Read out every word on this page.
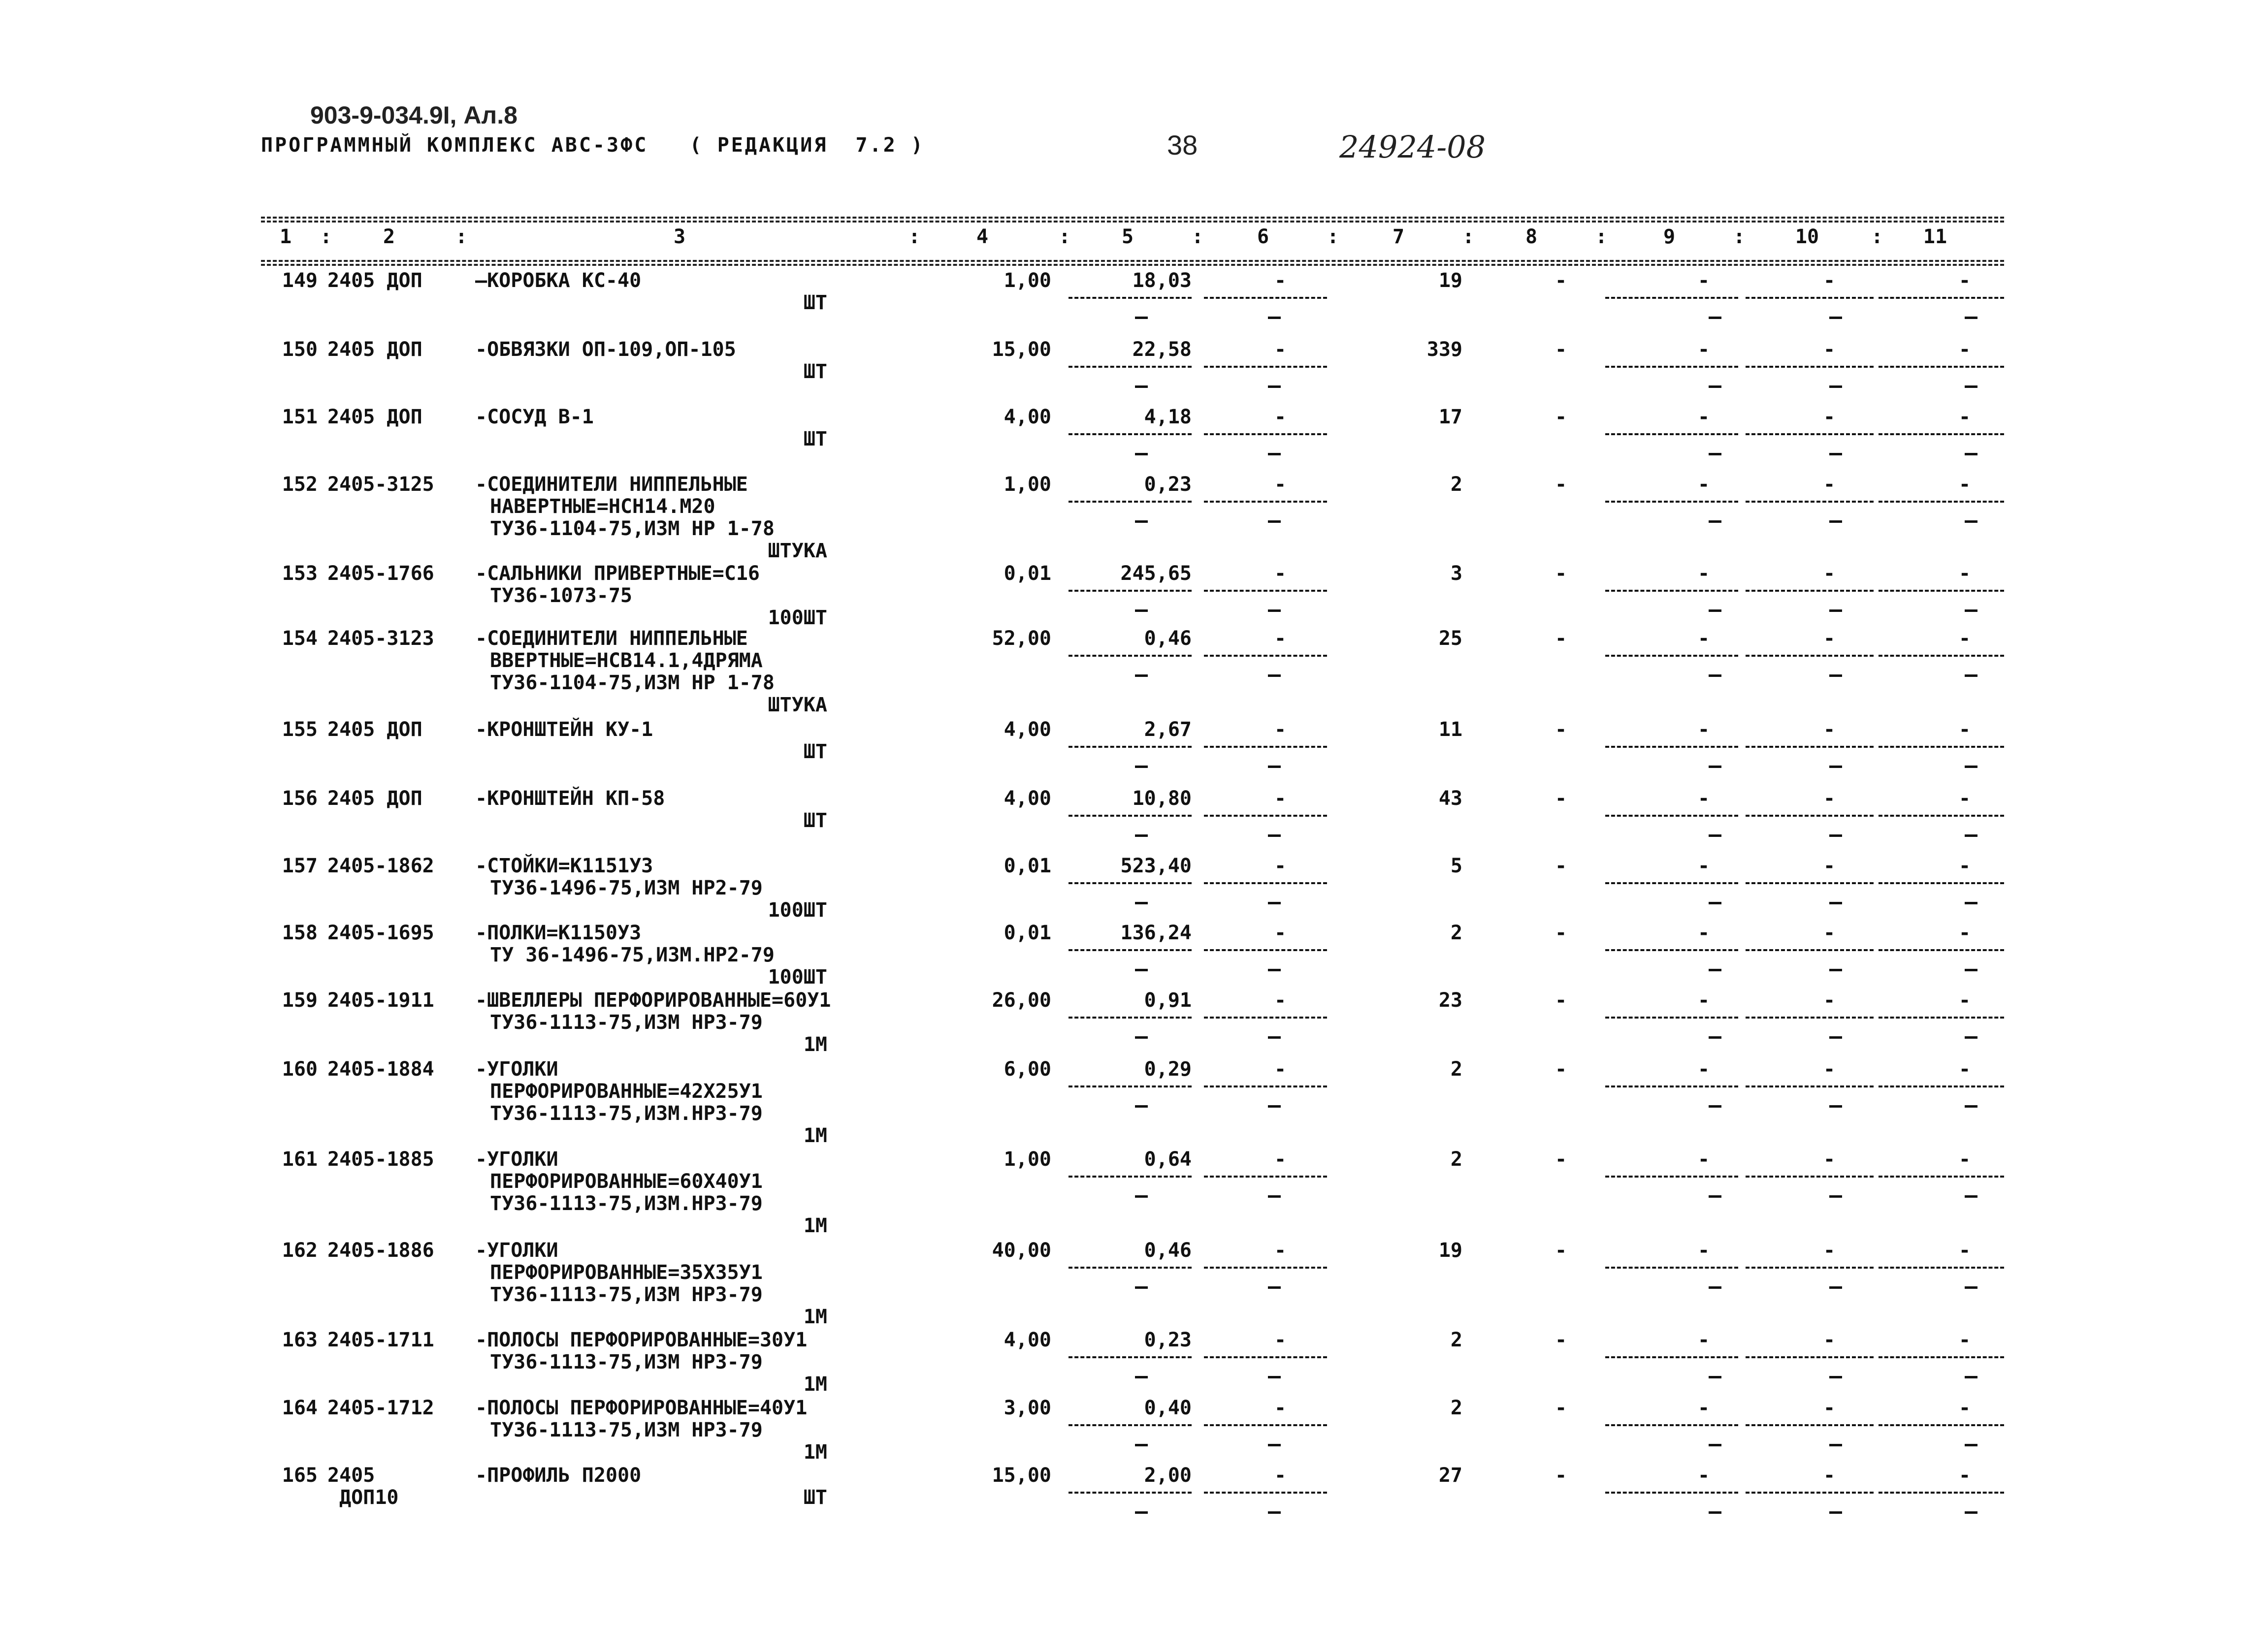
903-9-034.9I, Ал.8
ПРОГРАММНЫЙ КОМПЛЕКС АВС-3ФС   ( РЕДАКЦИЯ  7.2 )	38	24924-08
1 :	2	:	3	:	4	:	5	:	6	:	7	:	8	:	9	:	10	: 11
149 2405 ДОП	—КОРОБКА КС-40
ШТ
1,00	18,03	-	19	-	-	-	-
150 2405 ДОП	-ОБВЯЗКИ ОП-109,ОП-105
ШТ
15,00	22,58	-	339	-	-	-	-
151 2405 ДОП	-СОСУД В-1
ШТ
4,00	4,18	-	17	-	-	-	-
152 2405-3125	-СОЕДИНИТЕЛИ НИППЕЛЬНЫЕ
НАВЕРТНЫЕ=НСН14.М20
ТУ36-1104-75,ИЗМ НР 1-78
ШТУКА
1,00	0,23	-	2	-	-	-	-
153 2405-1766	-САЛЬНИКИ ПРИВЕРТНЫЕ=С16
ТУ36-1073-75
100ШТ
0,01	245,65	-	3	-	-	-	-
154 2405-3123	-СОЕДИНИТЕЛИ НИППЕЛЬНЫЕ
ВВЕРТНЫЕ=НСВ14.1,4ДРЯМА
ТУ36-1104-75,ИЗМ НР 1-78
ШТУКА
52,00	0,46	-	25	-	-	-	-
155 2405 ДОП	-КРОНШТЕЙН КУ-1
ШТ
4,00	2,67	-	11	-	-	-	-
156 2405 ДОП	-КРОНШТЕЙН КП-58
ШТ
4,00	10,80	-	43	-	-	-	-
157 2405-1862	-СТОЙКИ=К1151У3
ТУ36-1496-75,ИЗМ НР2-79
100ШТ
0,01	523,40	-	5	-	-	-	-
158 2405-1695	-ПОЛКИ=К1150У3
ТУ 36-1496-75,ИЗМ.НР2-79
100ШТ
0,01	136,24	-	2	-	-	-	-
159 2405-1911	-ШВЕЛЛЕРЫ ПЕРФОРИРОВАННЫЕ=60У1
ТУ36-1113-75,ИЗМ НР3-79
1М
26,00	0,91	-	23	-	-	-	-
160 2405-1884	-УГОЛКИ
ПЕРФОРИРОВАННЫЕ=42Х25У1
ТУ36-1113-75,ИЗМ.НР3-79
1М
6,00	0,29	-	2	-	-	-	-
161 2405-1885	-УГОЛКИ
ПЕРФОРИРОВАННЫЕ=60Х40У1
ТУ36-1113-75,ИЗМ.НР3-79
1М
1,00	0,64	-	2	-	-	-	-
162 2405-1886	-УГОЛКИ
ПЕРФОРИРОВАННЫЕ=35Х35У1
ТУ36-1113-75,ИЗМ НР3-79
1М
40,00	0,46	-	19	-	-	-	-
163 2405-1711	-ПОЛОСЫ ПЕРФОРИРОВАННЫЕ=30У1
ТУ36-1113-75,ИЗМ НР3-79
1М
4,00	0,23	-	2	-	-	-	-
164 2405-1712	-ПОЛОСЫ ПЕРФОРИРОВАННЫЕ=40У1
ТУ36-1113-75,ИЗМ НР3-79
1М
3,00	0,40	-	2	-	-	-	-
165 2405
ДОП10
-ПРОФИЛЬ П2000
ШТ
15,00	2,00	-	27	-	-	-	-
